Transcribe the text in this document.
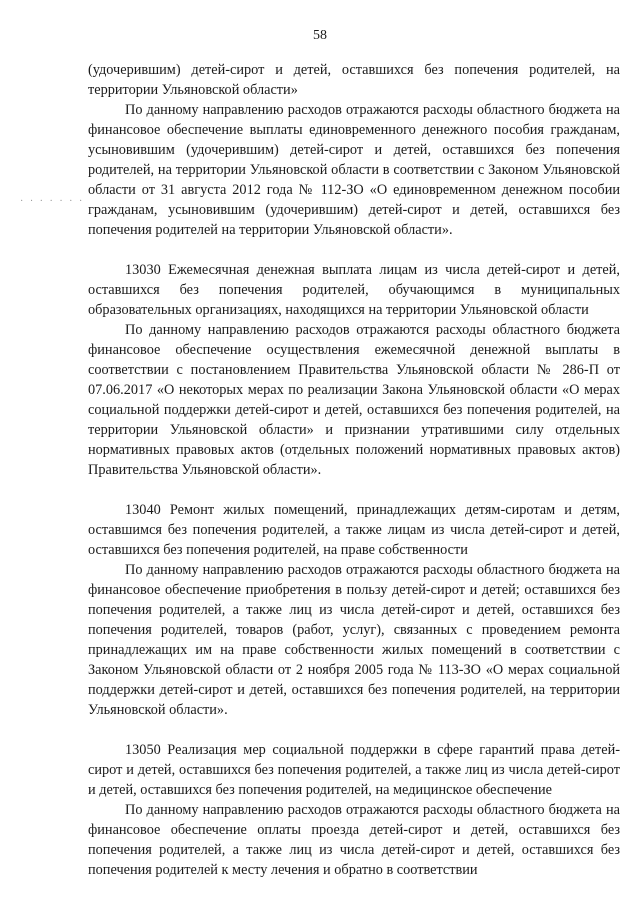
58
· · · · · · ·

(удочерившим) детей-сирот и детей, оставшихся без попечения родителей, на территории Ульяновской области»

По данному направлению расходов отражаются расходы областного бюджета на финансовое обеспечение выплаты единовременного денежного пособия гражданам, усыновившим (удочерившим) детей-сирот и детей, оставшихся без попечения родителей, на территории Ульяновской области в соответствии с Законом Ульяновской области от 31 августа 2012 года № 112-ЗО «О единовременном денежном пособии гражданам, усыновившим (удочерившим) детей-сирот и детей, оставшихся без попечения родителей на территории Ульяновской области».

13030 Ежемесячная денежная выплата лицам из числа детей-сирот и детей, оставшихся без попечения родителей, обучающимся в муниципальных образовательных организациях, находящихся на территории Ульяновской области

По данному направлению расходов отражаются расходы областного бюджета финансовое обеспечение осуществления ежемесячной денежной выплаты в соответствии с постановлением Правительства Ульяновской области № 286-П от 07.06.2017 «О некоторых мерах по реализации Закона Ульяновской области «О мерах социальной поддержки детей-сирот и детей, оставшихся без попечения родителей, на территории Ульяновской области» и признании утратившими силу отдельных нормативных правовых актов (отдельных положений нормативных правовых актов) Правительства Ульяновской области».

13040 Ремонт жилых помещений, принадлежащих детям-сиротам и детям, оставшимся без попечения родителей, а также лицам из числа детей-сирот и детей, оставшихся без попечения родителей, на праве собственности

По данному направлению расходов отражаются расходы областного бюджета на финансовое обеспечение приобретения в пользу детей-сирот и детей; оставшихся без попечения родителей, а также лиц из числа детей-сирот и детей, оставшихся без попечения родителей, товаров (работ, услуг), связанных с проведением ремонта принадлежащих им на праве собственности жилых помещений в соответствии с Законом Ульяновской области от 2 ноября 2005 года № 113-ЗО «О мерах социальной поддержки детей-сирот и детей, оставшихся без попечения родителей, на территории Ульяновской области».

13050 Реализация мер социальной поддержки в сфере гарантий права детей-сирот и детей, оставшихся без попечения родителей, а также лиц из числа детей-сирот и детей, оставшихся без попечения родителей, на медицинское обеспечение

По данному направлению расходов отражаются расходы областного бюджета на финансовое обеспечение оплаты проезда детей-сирот и детей, оставшихся без попечения родителей, а также лиц из числа детей-сирот и детей, оставшихся без попечения родителей к месту лечения и обратно в соответствии
